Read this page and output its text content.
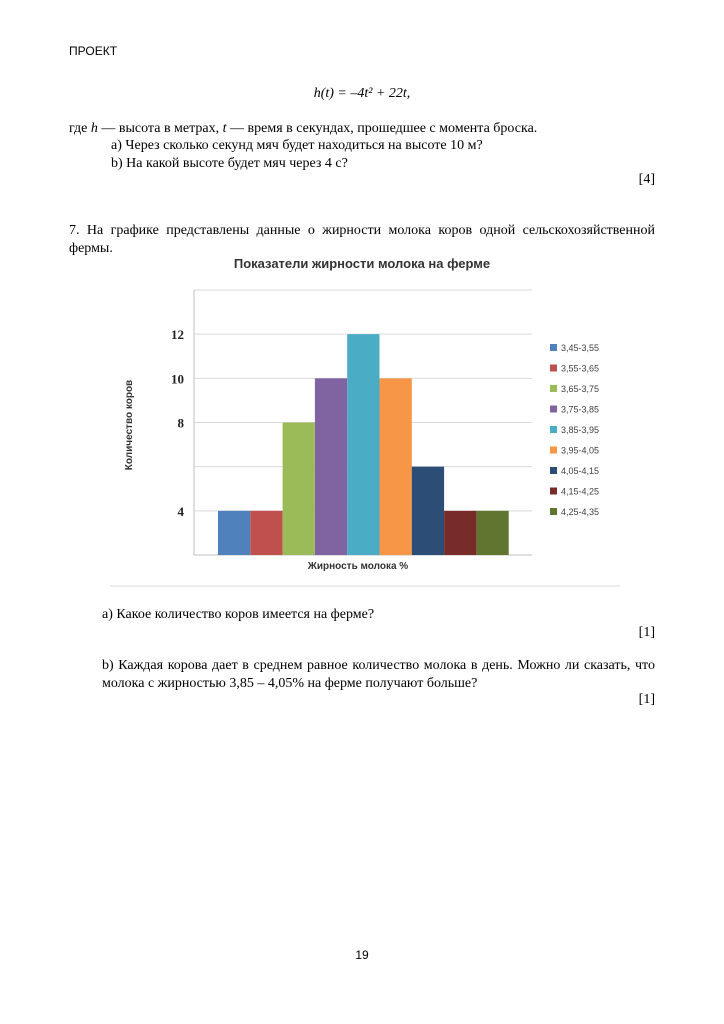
ПРОЕКТ
h(t) = –4t² + 22t,
где h — высота в метрах, t — время в секундах, прошедшее с момента броска.
а) Через сколько секунд мяч будет находиться на высоте 10 м?
b) На какой высоте будет мяч через 4 с?
[4]
7. На графике представлены данные о жирности молока коров одной сельскохозяйственной фермы.
Показатели жирности молока на ферме
4
8
10
12
3,45-3,55
3,55-3,65
3,65-3,75
3,75-3,85
3,85-3,95
3,95-4,05
4,05-4,15
4,15-4,25
4,25-4,35
Жирность молока %
Количество коров
а) Какое количество коров имеется на ферме?
[1]
b) Каждая корова дает в среднем равное количество молока в день. Можно ли сказать, что молока с жирностью 3,85 – 4,05% на ферме получают больше?
[1]
19
